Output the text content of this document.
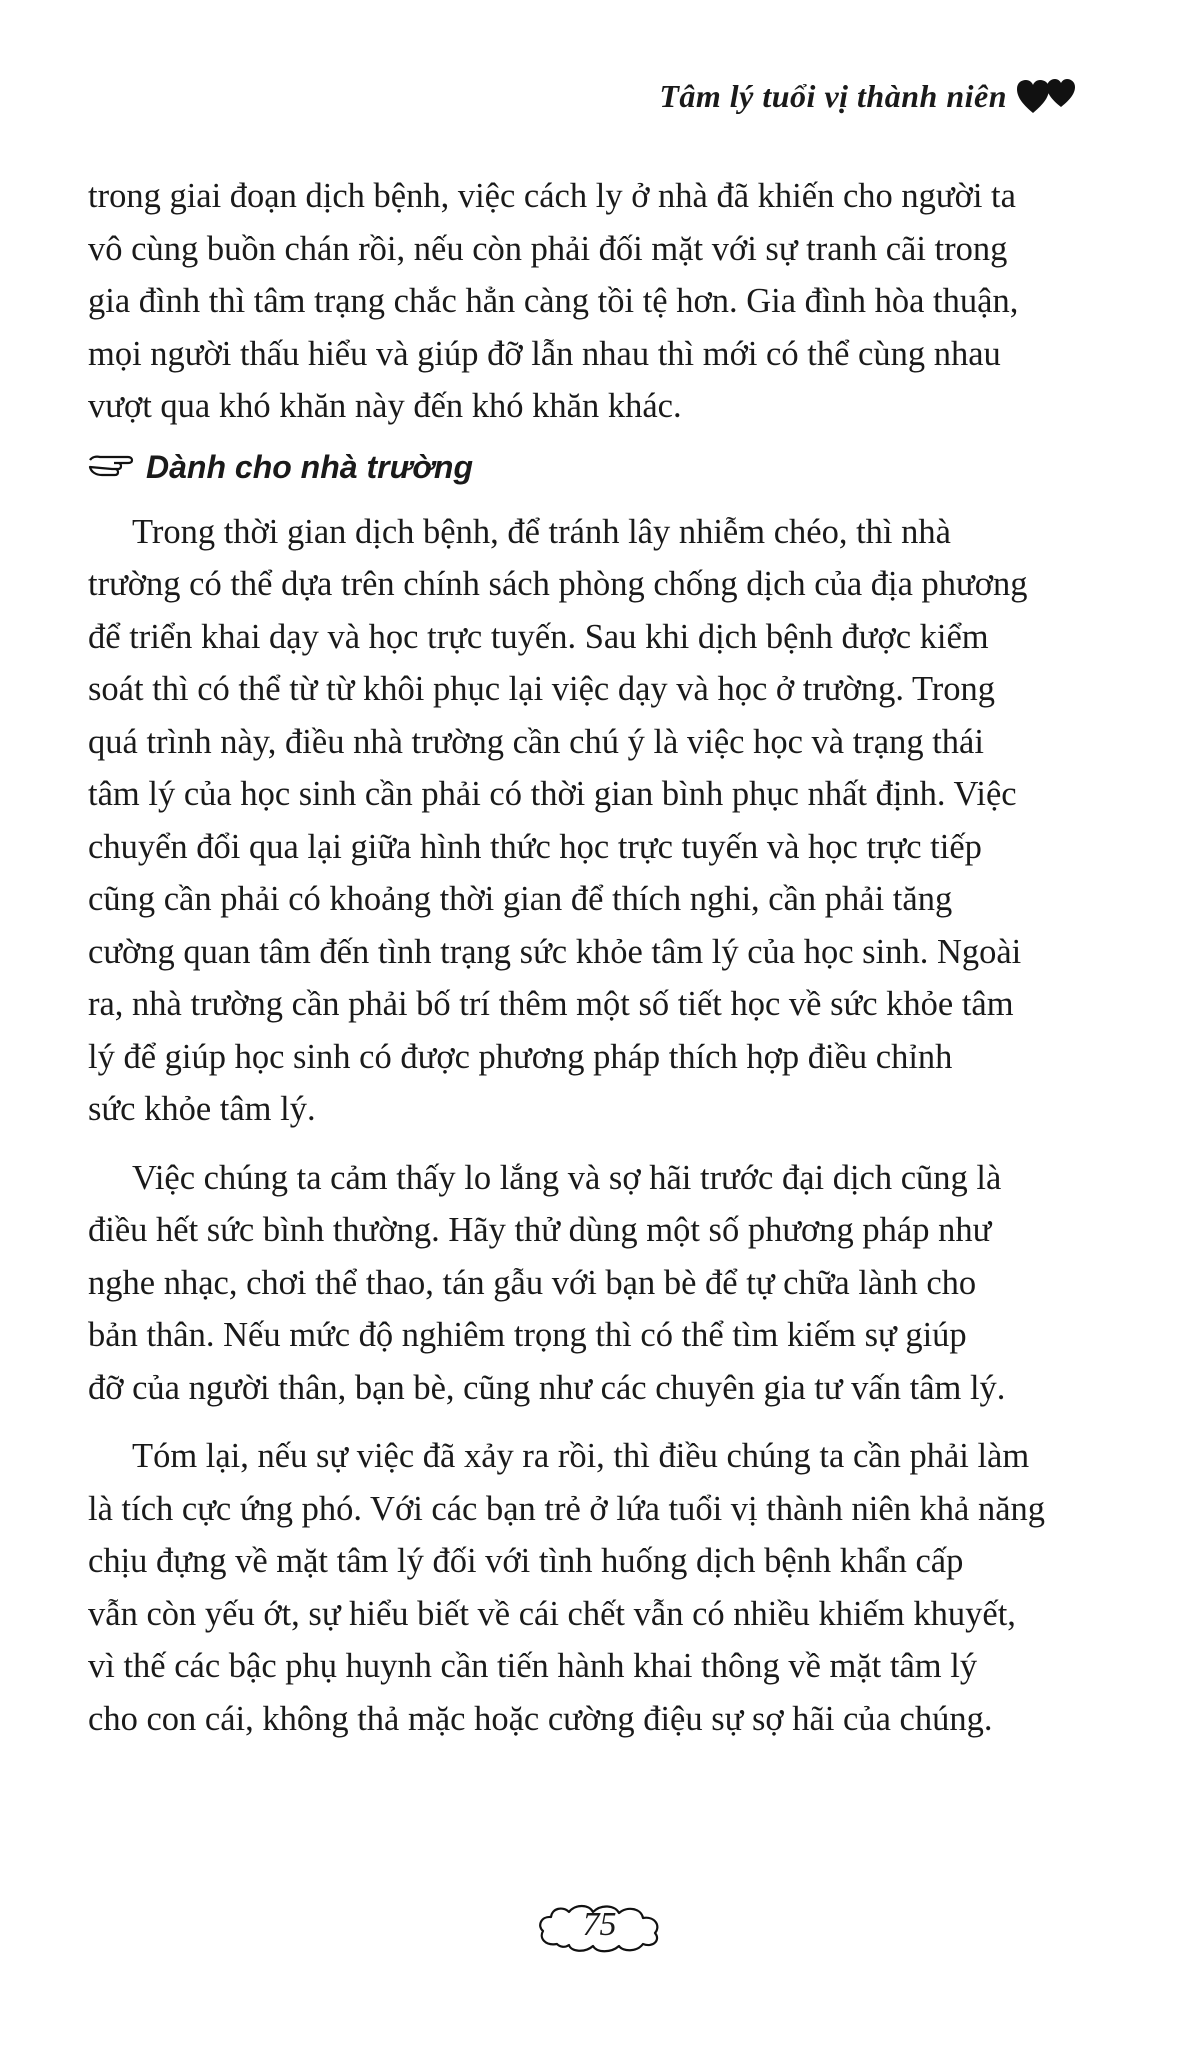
Tâm lý tuổi vị thành niên
trong giai đoạn dịch bệnh, việc cách ly ở nhà đã khiến cho người ta
vô cùng buồn chán rồi, nếu còn phải đối mặt với sự tranh cãi trong
gia đình thì tâm trạng chắc hẳn càng tồi tệ hơn. Gia đình hòa thuận,
mọi người thấu hiểu và giúp đỡ lẫn nhau thì mới có thể cùng nhau
vượt qua khó khăn này đến khó khăn khác.
Dành cho nhà trường
Trong thời gian dịch bệnh, để tránh lây nhiễm chéo, thì nhà
trường có thể dựa trên chính sách phòng chống dịch của địa phương
để triển khai dạy và học trực tuyến. Sau khi dịch bệnh được kiểm
soát thì có thể từ từ khôi phục lại việc dạy và học ở trường. Trong
quá trình này, điều nhà trường cần chú ý là việc học và trạng thái
tâm lý của học sinh cần phải có thời gian bình phục nhất định. Việc
chuyển đổi qua lại giữa hình thức học trực tuyến và học trực tiếp
cũng cần phải có khoảng thời gian để thích nghi, cần phải tăng
cường quan tâm đến tình trạng sức khỏe tâm lý của học sinh. Ngoài
ra, nhà trường cần phải bố trí thêm một số tiết học về sức khỏe tâm
lý để giúp học sinh có được phương pháp thích hợp điều chỉnh
sức khỏe tâm lý.
Việc chúng ta cảm thấy lo lắng và sợ hãi trước đại dịch cũng là
điều hết sức bình thường. Hãy thử dùng một số phương pháp như
nghe nhạc, chơi thể thao, tán gẫu với bạn bè để tự chữa lành cho
bản thân. Nếu mức độ nghiêm trọng thì có thể tìm kiếm sự giúp
đỡ của người thân, bạn bè, cũng như các chuyên gia tư vấn tâm lý.
Tóm lại, nếu sự việc đã xảy ra rồi, thì điều chúng ta cần phải làm
là tích cực ứng phó. Với các bạn trẻ ở lứa tuổi vị thành niên khả năng
chịu đựng về mặt tâm lý đối với tình huống dịch bệnh khẩn cấp
vẫn còn yếu ớt, sự hiểu biết về cái chết vẫn có nhiều khiếm khuyết,
vì thế các bậc phụ huynh cần tiến hành khai thông về mặt tâm lý
cho con cái, không thả mặc hoặc cường điệu sự sợ hãi của chúng.
75
